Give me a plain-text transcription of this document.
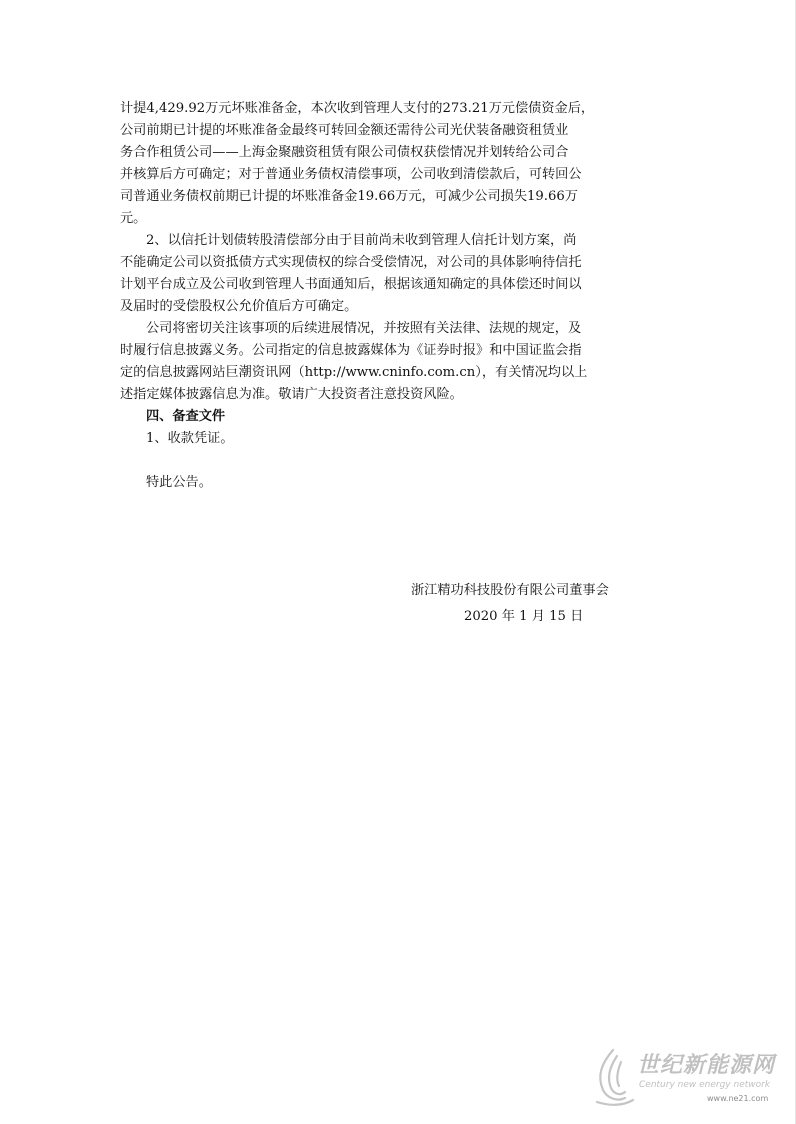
计提4,429.92万元坏账准备金，本次收到管理人支付的273.21万元偿债资金后，
公司前期已计提的坏账准备金最终可转回金额还需待公司光伏装备融资租赁业
务合作租赁公司——上海金聚融资租赁有限公司债权获偿情况并划转给公司合
并核算后方可确定；对于普通业务债权清偿事项，公司收到清偿款后，可转回公
司普通业务债权前期已计提的坏账准备金19.66万元，可减少公司损失19.66万
元。
2、以信托计划债转股清偿部分由于目前尚未收到管理人信托计划方案，尚
不能确定公司以资抵债方式实现债权的综合受偿情况，对公司的具体影响待信托
计划平台成立及公司收到管理人书面通知后，根据该通知确定的具体偿还时间以
及届时的受偿股权公允价值后方可确定。
公司将密切关注该事项的后续进展情况，并按照有关法律、法规的规定，及
时履行信息披露义务。公司指定的信息披露媒体为《证券时报》和中国证监会指
定的信息披露网站巨潮资讯网（http://www.cninfo.com.cn），有关情况均以上
述指定媒体披露信息为准。敬请广大投资者注意投资风险。
四、备查文件
1、收款凭证。
特此公告。
浙江精功科技股份有限公司董事会
2020 年 1 月 15 日
世纪新能源网
Century new energy network
www.ne21.com
